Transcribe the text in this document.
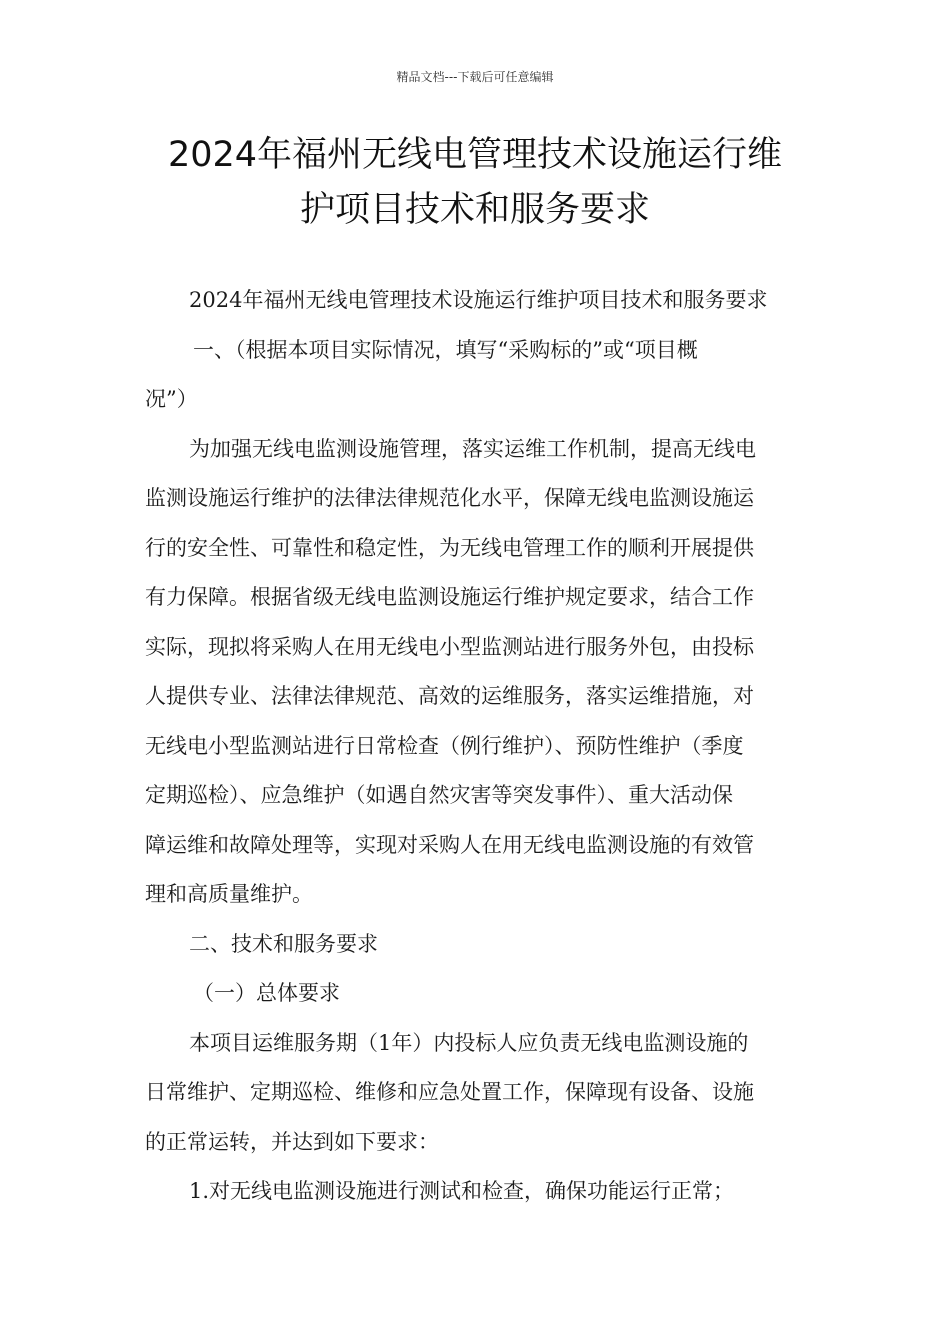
精品文档---下载后可任意编辑
2024年福州无线电管理技术设施运行维
护项目技术和服务要求
2024年福州无线电管理技术设施运行维护项目技术和服务要求
一、（根据本项目实际情况，填写“采购标的”或“项目概
况”）
为加强无线电监测设施管理，落实运维工作机制，提高无线电
监测设施运行维护的法律法律规范化水平，保障无线电监测设施运
行的安全性、可靠性和稳定性，为无线电管理工作的顺利开展提供
有力保障。根据省级无线电监测设施运行维护规定要求，结合工作
实际，现拟将采购人在用无线电小型监测站进行服务外包，由投标
人提供专业、法律法律规范、高效的运维服务，落实运维措施，对
无线电小型监测站进行日常检查（例行维护）、预防性维护（季度
定期巡检）、应急维护（如遇自然灾害等突发事件）、重大活动保
障运维和故障处理等，实现对采购人在用无线电监测设施的有效管
理和高质量维护。
二、技术和服务要求
（一）总体要求
本项目运维服务期（1年）内投标人应负责无线电监测设施的
日常维护、定期巡检、维修和应急处置工作，保障现有设备、设施
的正常运转，并达到如下要求：
1.对无线电监测设施进行测试和检查，确保功能运行正常；
